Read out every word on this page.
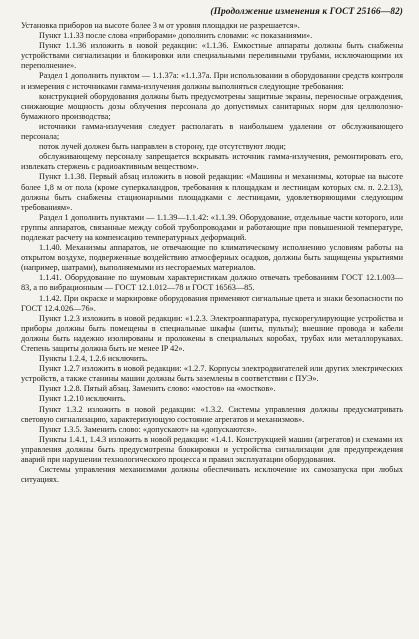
(Продолжение изменения к ГОСТ 25166—82)

Установка приборов на высоте более 3 м от уровня площадки не разрешается».

Пункт 1.1.33 после слова «приборами» дополнить словами: «с показаниями».

Пункт 1.1.36 изложить в новой редакции: «1.1.36. Емкостные аппараты должны быть снабжены устройствами сигнализации и блокировки или специальными переливными трубами, исключающими их переполнение».

Раздел 1 дополнить пунктом — 1.1.37а: «1.1.37а. При использовании в оборудовании средств контроля и измерения с источниками гамма-излучения должны выполняться следующие требования:

конструкцией оборудования должны быть предусмотрены защитные экраны, переносные ограждения, снижающие мощность дозы облучения персонала до допустимых санитарных норм для целлюлозно-бумажного производства;

источники гамма-излучения следует располагать в наибольшем удалении от обслуживающего персонала;

поток лучей должен быть направлен в сторону, где отсутствуют люди;

обслуживающему персоналу запрещается вскрывать источник гамма-излучения, ремонтировать его, извлекать стержень с радиоактивным веществом».

Пункт 1.1.38. Первый абзац изложить в новой редакции: «Машины и механизмы, которые на высоте более 1,8 м от пола (кроме суперкаландров, требования к площадкам и лестницам которых см. п. 2.2.13), должны быть снабжены стационарными площадками с лестницами, удовлетворяющими следующим требованиям».

Раздел 1 дополнить пунктами — 1.1.39—1.1.42: «1.1.39. Оборудование, отдельные части которого, или группы аппаратов, связанные между собой трубопроводами и работающие при повышенной температуре, подлежат расчету на компенсацию температурных деформаций.

1.1.40. Механизмы аппаратов, не отвечающие по климатическому исполнению условиям работы на открытом воздухе, подверженные воздействию атмосферных осадков, должны быть защищены укрытиями (например, шатрами), выполняемыми из несгораемых материалов.

1.1.41. Оборудование по шумовым характеристикам должно отвечать требованиям ГОСТ 12.1.003—83, а по вибрационным — ГОСТ 12.1.012—78 и ГОСТ 16563—85.

1.1.42. При окраске и маркировке оборудования применяют сигнальные цвета и знаки безопасности по ГОСТ 12.4.026—76».

Пункт 1.2.3 изложить в новой редакции: «1.2.3. Электроаппаратура, пускорегулирующие устройства и приборы должны быть помещены в специальные шкафы (шиты, пульты); внешние провода и кабели должны быть надежно изолированы и проложены в специальных коробах, трубах или металлорукавах. Степень защиты должна быть не менее IP 42».

Пункты 1.2.4, 1.2.6 исключить.

Пункт 1.2.7 изложить в новой редакции: «1.2.7. Корпусы электродвигателей или других электрических устройств, а также станины машин должны быть заземлены в соответствии с ПУЭ».

Пункт 1.2.8. Пятый абзац. Заменить слово: «мостов» на «мостков».

Пункт 1.2.10 исключить.

Пункт 1.3.2 изложить в новой редакции: «1.3.2. Системы управления должны предусматривать световую сигнализацию, характеризующую состояние агрегатов и механизмов».

Пункт 1.3.5. Заменить слово: «допускают» на «допускаются».

Пункты 1.4.1, 1.4.3 изложить в новой редакции: «1.4.1. Конструкцией машин (агрегатов) и схемами их управления должны быть предусмотрены блокировки и устройства сигнализации для предупреждения аварий при нарушении технологического процесса и правил эксплуатации оборудования.

Системы управления механизмами должны обеспечивать исключение их самозапуска при любых ситуациях.
